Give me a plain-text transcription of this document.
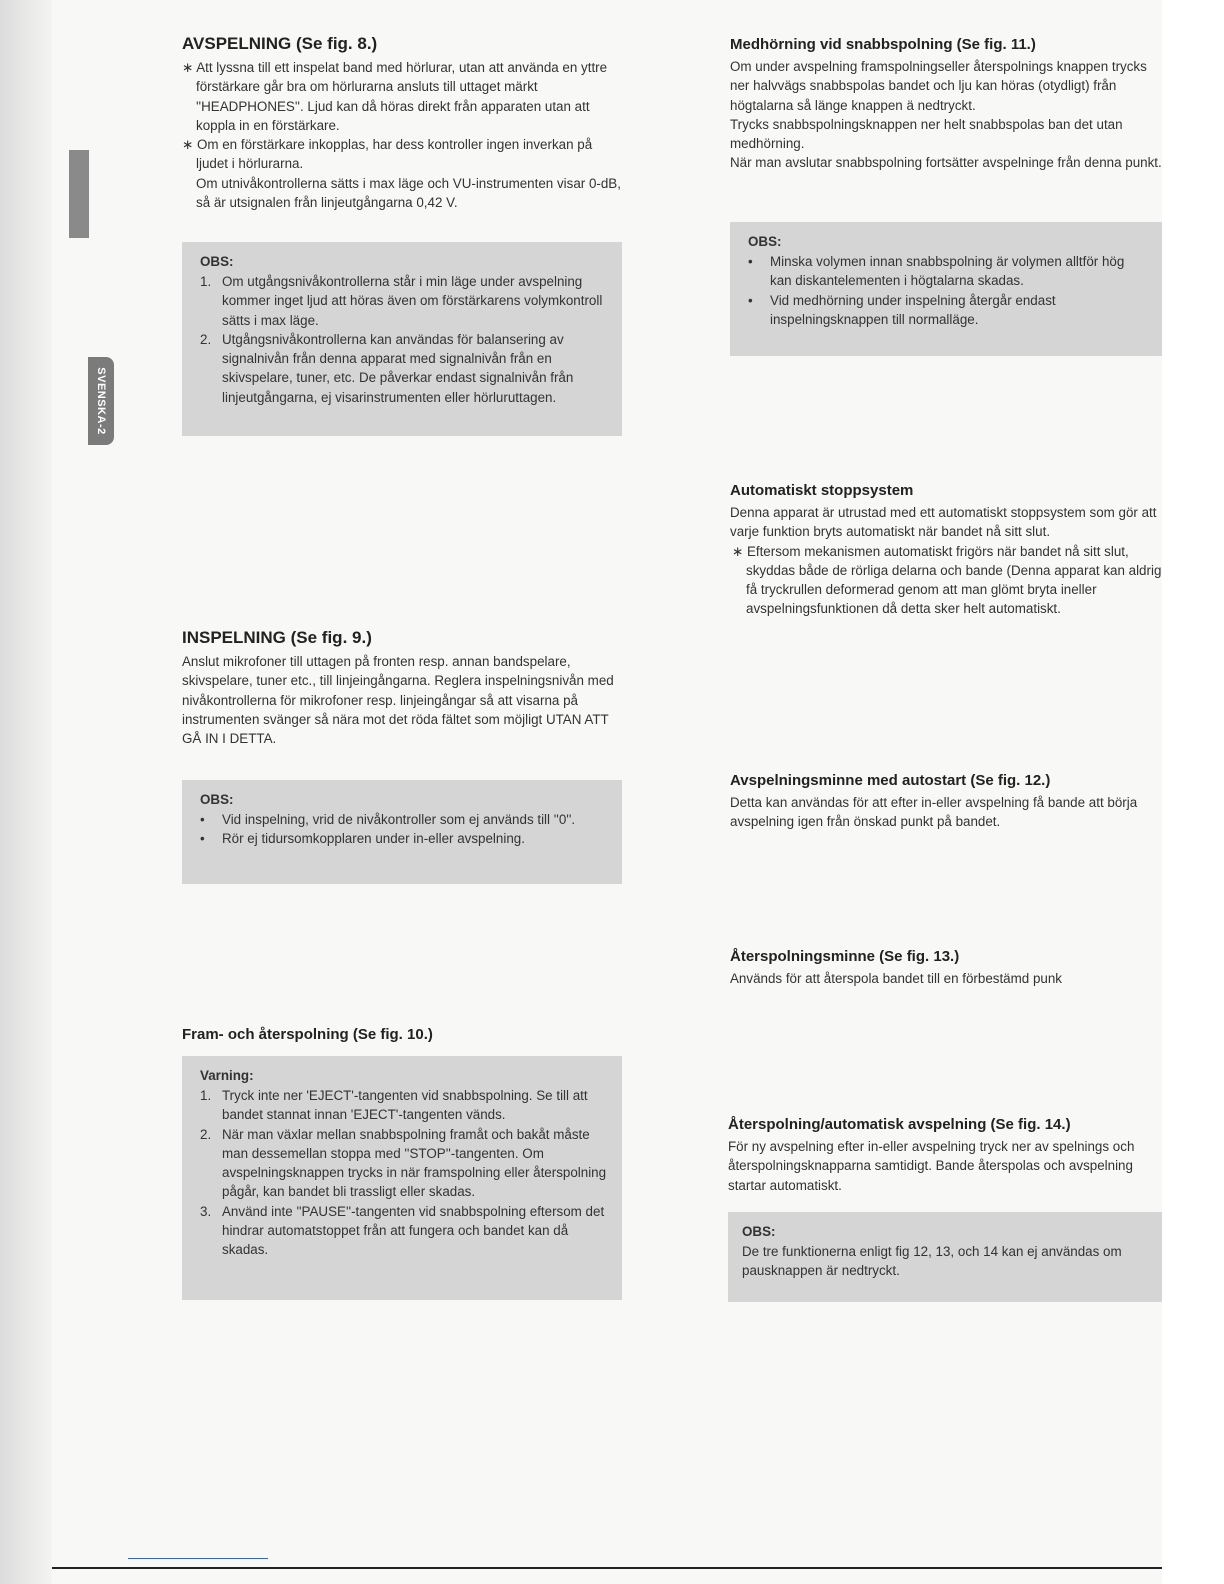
SVENSKA-2
AVSPELNING (Se fig. 8.)

∗ Att lyssna till ett inspelat band med hörlurar, utan att använda en yttre förstärkare går bra om hörlurarna ansluts till uttaget märkt ''HEADPHONES''. Ljud kan då höras direkt från apparaten utan att koppla in en förstärkare.

∗ Om en förstärkare inkopplas, har dess kontroller ingen inverkan på ljudet i hörlurarna.

Om utnivåkontrollerna sätts i max läge och VU-instrumenten visar 0-dB, så är utsignalen från linjeutgångarna 0,42 V.

OBS:
1. Om utgångsnivåkontrollerna står i min läge under avspelning kommer inget ljud att höras även om förstärkarens volymkontroll sätts i max läge.
2. Utgångsnivåkontrollerna kan användas för balansering av signalnivån från denna apparat med signalnivån från en skivspelare, tuner, etc. De påverkar endast signalnivån från linjeutgångarna, ej visarinstrumenten eller hörluruttagen.
INSPELNING (Se fig. 9.)

Anslut mikrofoner till uttagen på fronten resp. annan bandspelare, skivspelare, tuner etc., till linjeingångarna. Reglera inspelningsnivån med nivåkontrollerna för mikrofoner resp. linjeingångar så att visarna på instrumenten svänger så nära mot det röda fältet som möjligt UTAN ATT GÅ IN I DETTA.

OBS:
• Vid inspelning, vrid de nivåkontroller som ej används till ''0''.
• Rör ej tidursomkopplaren under in-eller avspelning.
Fram- och återspolning (Se fig. 10.)
Varning:
1. Tryck inte ner 'EJECT'-tangenten vid snabbspolning. Se till att bandet stannat innan 'EJECT'-tangenten vänds.
2. När man växlar mellan snabbspolning framåt och bakåt måste man dessemellan stoppa med ''STOP''-tangenten. Om avspelningsknappen trycks in när framspolning eller återspolning pågår, kan bandet bli trassligt eller skadas.
3. Använd inte ''PAUSE''-tangenten vid snabbspolning eftersom det hindrar automatstoppet från att fungera och bandet kan då skadas.
Medhörning vid snabbspolning (Se fig. 11.)

Om under avspelning framspolningseller återspolnings knappen trycks ner halvvägs snabbspolas bandet och lju kan höras (otydligt) från högtalarna så länge knappen ä nedtryckt.

Trycks snabbspolningsknappen ner helt snabbspolas ban det utan medhörning.

När man avslutar snabbspolning fortsätter avspelninge från denna punkt.

OBS:
• Minska volymen innan snabbspolning är volymen alltför hög kan diskantelementen i högtalarna skadas.
• Vid medhörning under inspelning återgår endast inspelningsknappen till normalläge.
Automatiskt stoppsystem

Denna apparat är utrustad med ett automatiskt stoppsystem som gör att varje funktion bryts automatiskt när bandet nå sitt slut.

∗ Eftersom mekanismen automatiskt frigörs när bandet nå sitt slut, skyddas både de rörliga delarna och bande (Denna apparat kan aldrig få tryckrullen deformerad genom att man glömt bryta ineller avspelningsfunktionen då detta sker helt automatiskt.

Avspelningsminne med autostart (Se fig. 12.)

Detta kan användas för att efter in-eller avspelning få bande att börja avspelning igen från önskad punkt på bandet.

Återspolningsminne (Se fig. 13.)

Används för att återspola bandet till en förbestämd punk

Återspolning/automatisk avspelning (Se fig. 14.)

För ny avspelning efter in-eller avspelning tryck ner av spelnings och återspolningsknapparna samtidigt. Bande återspolas och avspelning startar automatiskt.

OBS:

De tre funktionerna enligt fig 12, 13, och 14 kan ej användas om pausknappen är nedtryckt.
